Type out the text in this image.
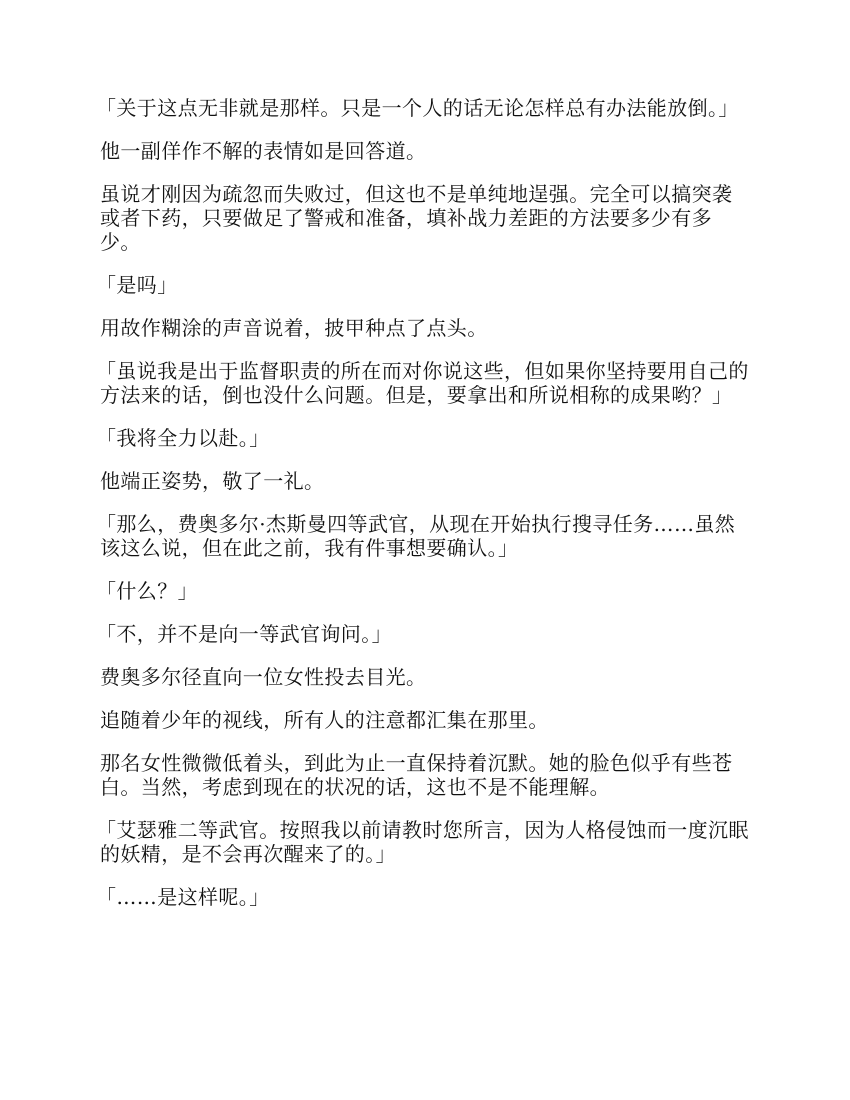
「关于这点无非就是那样。只是一个人的话无论怎样总有办法能放倒。」

他一副佯作不解的表情如是回答道。

虽说才刚因为疏忽而失败过，但这也不是单纯地逞强。完全可以搞突袭或者下药，只要做足了警戒和准备，填补战力差距的方法要多少有多少。

「是吗」

用故作糊涂的声音说着，披甲种点了点头。

「虽说我是出于监督职责的所在而对你说这些，但如果你坚持要用自己的方法来的话，倒也没什么问题。但是，要拿出和所说相称的成果哟？」

「我将全力以赴。」

他端正姿势，敬了一礼。

「那么，费奥多尔·杰斯曼四等武官，从现在开始执行搜寻任务……虽然该这么说，但在此之前，我有件事想要确认。」

「什么？」

「不，并不是向一等武官询问。」

费奥多尔径直向一位女性投去目光。

追随着少年的视线，所有人的注意都汇集在那里。

那名女性微微低着头，到此为止一直保持着沉默。她的脸色似乎有些苍白。当然，考虑到现在的状况的话，这也不是不能理解。

「艾瑟雅二等武官。按照我以前请教时您所言，因为人格侵蚀而一度沉眠的妖精，是不会再次醒来了的。」

「……是这样呢。」
